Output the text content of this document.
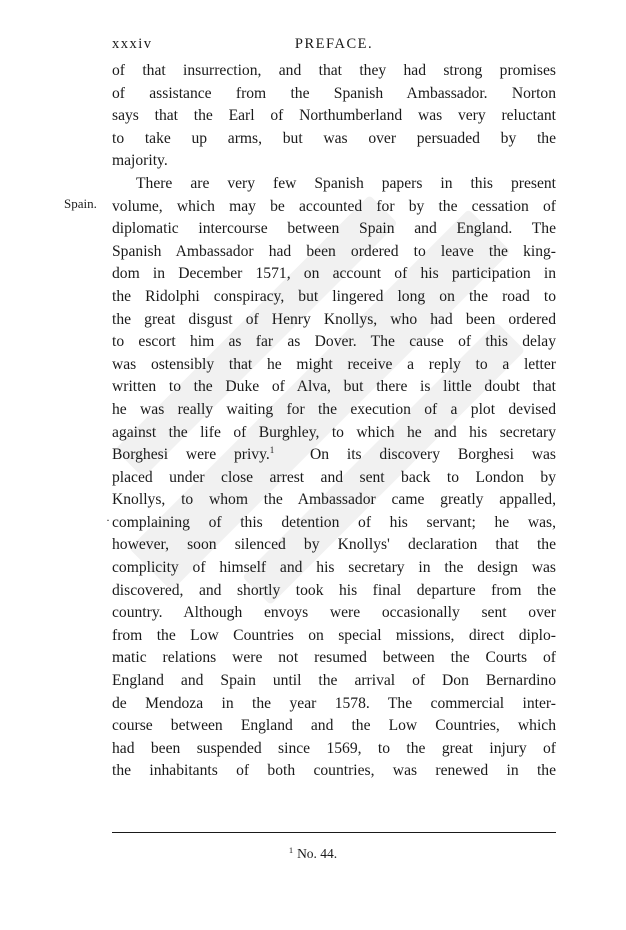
xxxiv	PREFACE.
Spain.
·
of that insurrection, and that they had strong promises
of assistance from the Spanish Ambassador. Norton
says that the Earl of Northumberland was very reluctant
to take up arms, but was over persuaded by the
majority.
There are very few Spanish papers in this present
volume, which may be accounted for by the cessation of
diplomatic intercourse between Spain and England. The
Spanish Ambassador had been ordered to leave the king-
dom in December 1571, on account of his participation in
the Ridolphi conspiracy, but lingered long on the road to
the great disgust of Henry Knollys, who had been ordered
to escort him as far as Dover. The cause of this delay
was ostensibly that he might receive a reply to a letter
written to the Duke of Alva, but there is little doubt that
he was really waiting for the execution of a plot devised
against the life of Burghley, to which he and his secretary
Borghesi were privy.$^1$ On its discovery Borghesi was
placed under close arrest and sent back to London by
Knollys, to whom the Ambassador came greatly appalled,
complaining of this detention of his servant; he was,
however, soon silenced by Knollys' declaration that the
complicity of himself and his secretary in the design was
discovered, and shortly took his final departure from the
country. Although envoys were occasionally sent over
from the Low Countries on special missions, direct diplo-
matic relations were not resumed between the Courts of
England and Spain until the arrival of Don Bernardino
de Mendoza in the year 1578. The commercial inter-
course between England and the Low Countries, which
had been suspended since 1569, to the great injury of
the inhabitants of both countries, was renewed in the
$^1$ No. 44.
